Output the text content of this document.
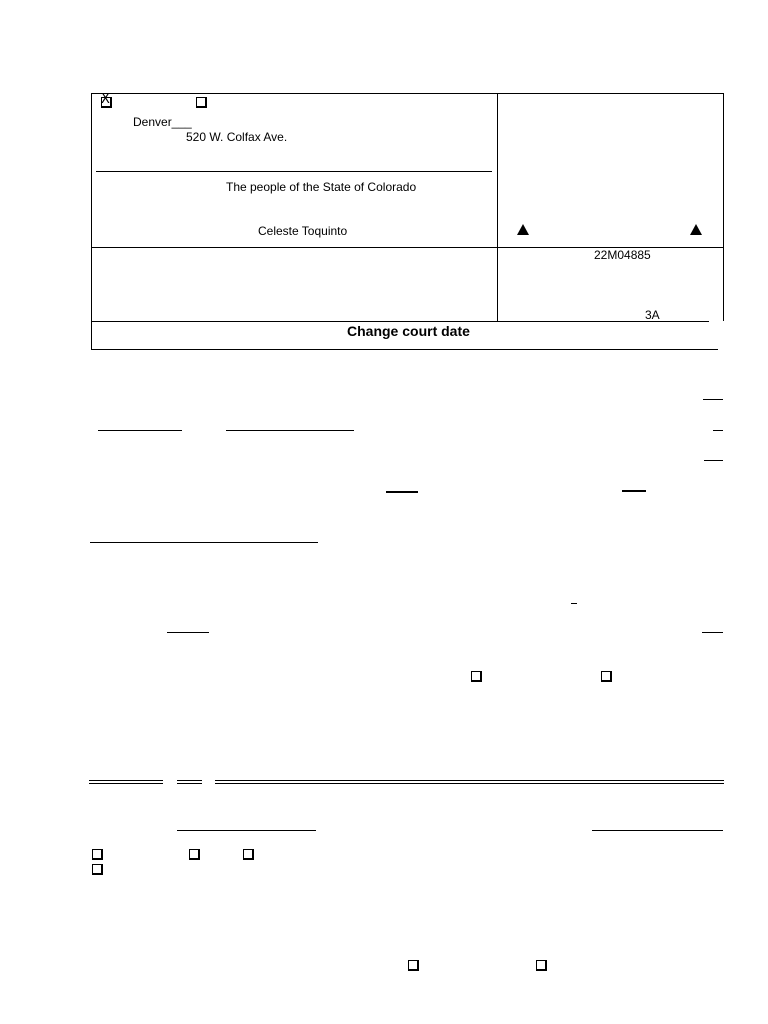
X
Denver___
520 W. Colfax Ave.
The people of the State of Colorado
Celeste Toquinto
22M04885
3A
Change court date
